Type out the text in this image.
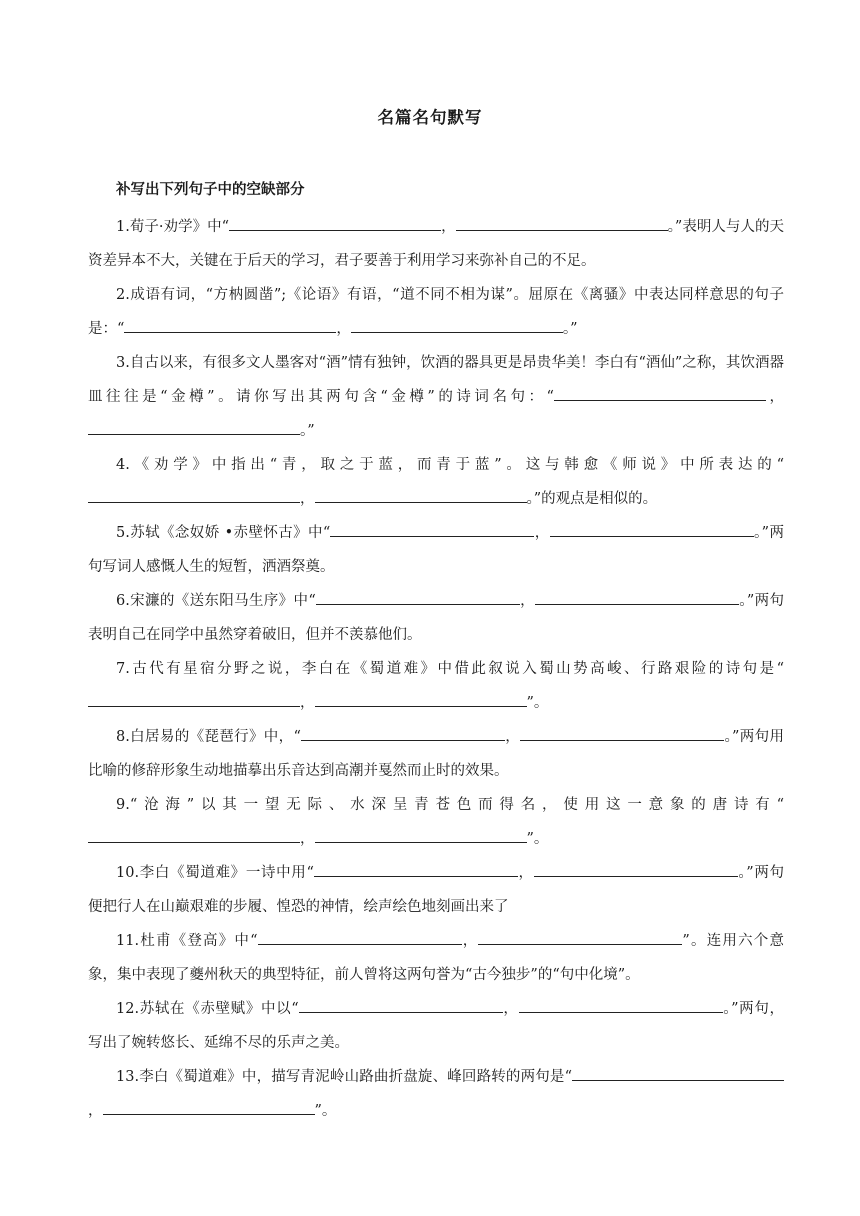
名篇名句默写
补写出下列句子中的空缺部分

1.荀子·劝学》中“	，	。”表明人与人的天资差异本不大，关键在于后天的学习，君子要善于利用学习来弥补自己的不足。

2.成语有词，“方枘圆凿”;《论语》有语，“道不同不相为谋”。屈原在《离骚》中表达同样意思的句子是：“	，	。”

3.自古以来，有很多文人墨客对“酒”情有独钟，饮酒的器具更是昂贵华美！李白有“酒仙”之称，其饮酒器皿往往是“金樽”。请你写出其两句含“金樽”的诗词名句：“	，。”

4.《劝学》中指出“青，取之于蓝，而青于蓝”。这与韩愈《师说》中所表达的“，	。”的观点是相似的。

5.苏轼《念奴娇 •赤壁怀古》中“	，	。”两句写词人感慨人生的短暂，洒酒祭奠。

6.宋濂的《送东阳马生序》中“	，	。”两句表明自己在同学中虽然穿着破旧，但并不羡慕他们。

7.古代有星宿分野之说，李白在《蜀道难》中借此叙说入蜀山势高峻、行路艰险的诗句是“，	”。

8.白居易的《琵琶行》中，“	，	。”两句用比喻的修辞形象生动地描摹出乐音达到高潮并戛然而止时的效果。

9.“沧海”以其一望无际、水深呈青苍色而得名，使用这一意象的唐诗有“，	”。

10.李白《蜀道难》一诗中用“	，	。”两句便把行人在山巅艰难的步履、惶恐的神情，绘声绘色地刻画出来了

11.杜甫《登高》中“	，	”。连用六个意象，集中表现了夔州秋天的典型特征，前人曾将这两句誉为“古今独步”的“句中化境”。

12.苏轼在《赤壁赋》中以“	，	。”两句，写出了婉转悠长、延绵不尽的乐声之美。

13.李白《蜀道难》中，描写青泥岭山路曲折盘旋、峰回路转的两句是“，	”。
